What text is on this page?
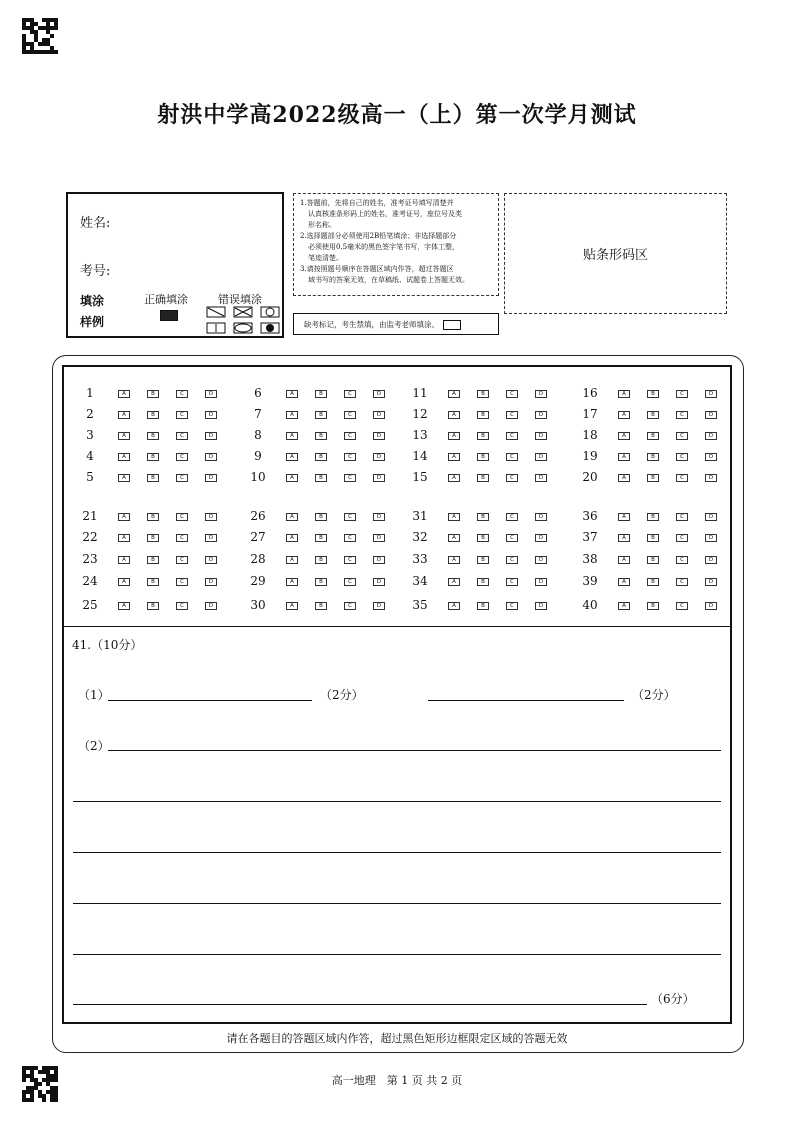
射洪中学高2022级高一（上）第一次学月测试
姓名:
考号:
填涂
样例
正确填涂	错误填涂
1.答题前，先将自己的姓名，准考证号填写清楚并
认真核准条形码上的姓名，准考证号，座位号及类
形名称。
2.选择题部分必须使用2B铅笔填涂；非选择题部分
必须使用0.5毫米的黑色签字笔书写，字体工整，
笔迹清楚。
3.请按照题号顺序在答题区域内作答，超过答题区
域书写的答案无效，在草稿纸、试题卷上答题无效。
缺考标记，考生禁填，由监考老师填涂。
贴条形码区
1	A	B	C	D
2	A	B	C	D
3	A	B	C	D
4	A	B	C	D
5	A	B	C	D
6	A	B	C	D
7	A	B	C	D
8	A	B	C	D
9	A	B	C	D
10	A	B	C	D
11	A	B	C	D
12	A	B	C	D
13	A	B	C	D
14	A	B	C	D
15	A	B	C	D
16	A	B	C	D
17	A	B	C	D
18	A	B	C	D
19	A	B	C	D
20	A	B	C	D
21	A	B	C	D
22	A	B	C	D
23	A	B	C	D
24	A	B	C	D
25	A	B	C	D
26	A	B	C	D
27	A	B	C	D
28	A	B	C	D
29	A	B	C	D
30	A	B	C	D
31	A	B	C	D
32	A	B	C	D
33	A	B	C	D
34	A	B	C	D
35	A	B	C	D
36	A	B	C	D
37	A	B	C	D
38	A	B	C	D
39	A	B	C	D
40	A	B	C	D
41.（10分）
（1）	（2分）	（2分）
（2）
（6分）
请在各题目的答题区域内作答，超过黑色矩形边框限定区域的答题无效
高一地理　第 1 页 共 2 页
